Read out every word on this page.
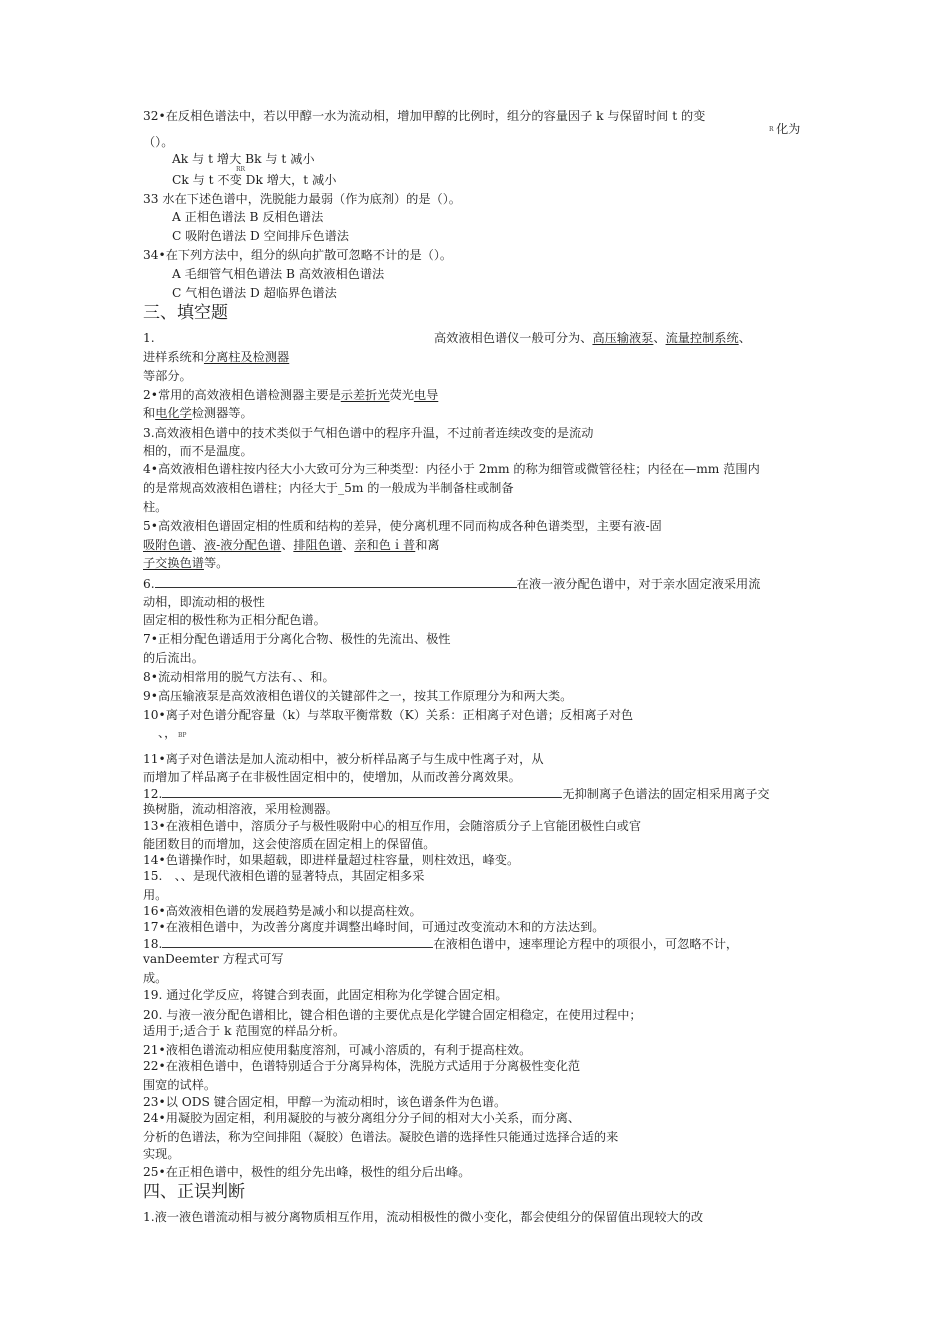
32•在反相色谱法中，若以甲醇一水为流动相，增加甲醇的比例时，组分的容量因子 k 与保留时间 t 的变
R 化为
（）。
Ak 与 t 增大 Bk 与 t 减小
RR
Ck 与 t 不变 Dk 增大，t 减小
33 水在下述色谱中，洗脱能力最弱（作为底剂）的是（）。
A 正相色谱法 B 反相色谱法
C 吸附色谱法 D 空间排斥色谱法
34•在下列方法中，组分的纵向扩散可忽略不计的是（）。
A 毛细管气相色谱法 B 高效液相色谱法
C 气相色谱法 D 超临界色谱法
三、填空题
1.	高效液相色谱仪一般可分为、高压输液泵、流量控制系统、
进样系统和分离柱及检测器
等部分。
2•常用的高效液相色谱检测器主要是示差折光荧光电导
和电化学检测器等。
3.高效液相色谱中的技术类似于气相色谱中的程序升温，不过前者连续改变的是流动
相的，而不是温度。
4•高效液相色谱柱按内径大小大致可分为三种类型：内径小于 2mm 的称为细管或微管径柱；内径在—mm 范围内
的是常规高效液相色谱柱；内径大于_5m 的一般成为半制备柱或制备
柱。
5•高效液相色谱固定相的性质和结构的差异，使分离机理不同而构成各种色谱类型，主要有液-固
吸附色谱、液-液分配色谱、排阻色谱、亲和色ｉ普和离
子交换色谱等。
6.	在液一液分配色谱中，对于亲水固定液采用流
动相，即流动相的极性
固定相的极性称为正相分配色谱。
7•正相分配色谱适用于分离化合物、极性的先流出、极性
的后流出。
8•流动相常用的脱气方法有、、和。
9•高压输液泵是高效液相色谱仪的关键部件之一，按其工作原理分为和两大类。
10•离子对色谱分配容量（k）与萃取平衡常数（K）关系：正相离子对色谱；反相离子对色
、， BP
11•离子对色谱法是加人流动相中，被分析样品离子与生成中性离子对，从
而增加了样品离子在非极性固定相中的，使增加，从而改善分离效果。
12.	无抑制离子色谱法的固定相采用离子交
换树脂，流动相溶液，采用检测器。
13•在液相色谱中，溶质分子与极性吸附中心的相互作用，会随溶质分子上官能团极性白或官
能团数目的而增加，这会使溶质在固定相上的保留值。
14•色谱操作时，如果超载，即进样量超过柱容量，则柱效迅，峰变。
15.　、、是现代液相色谱的显著特点，其固定相多采
用。
16•高效液相色谱的发展趋势是减小和以提高柱效。
17•在液相色谱中，为改善分离度并调整出峰时间，可通过改变流动木和的方法达到。
18.	在液相色谱中，速率理论方程中的项很小，可忽略不计，
vanDeemter 方程式可写
成。
19. 通过化学反应，将键合到表面，此固定相称为化学键合固定相。
20. 与液一液分配色谱相比，键合相色谱的主要优点是化学键合固定相稳定，在使用过程中；
适用于;适合于 k 范围宽的样品分析。
21•液相色谱流动相应使用黏度溶剂，可减小溶质的，有利于提高柱效。
22•在液相色谱中，色谱特别适合于分离异构体，洗脱方式适用于分离极性变化范
围宽的试样。
23•以 ODS 键合固定相，甲醇一为流动相时，该色谱条件为色谱。
24•用凝胶为固定相，利用凝胶的与被分离组分分子间的相对大小关系，而分离、
分析的色谱法，称为空间排阻（凝胶）色谱法。凝胶色谱的选择性只能通过选择合适的来
实现。
25•在正相色谱中，极性的组分先出峰，极性的组分后出峰。
四、正误判断
1.液一液色谱流动相与被分离物质相互作用，流动相极性的微小变化，都会使组分的保留值出现较大的改
